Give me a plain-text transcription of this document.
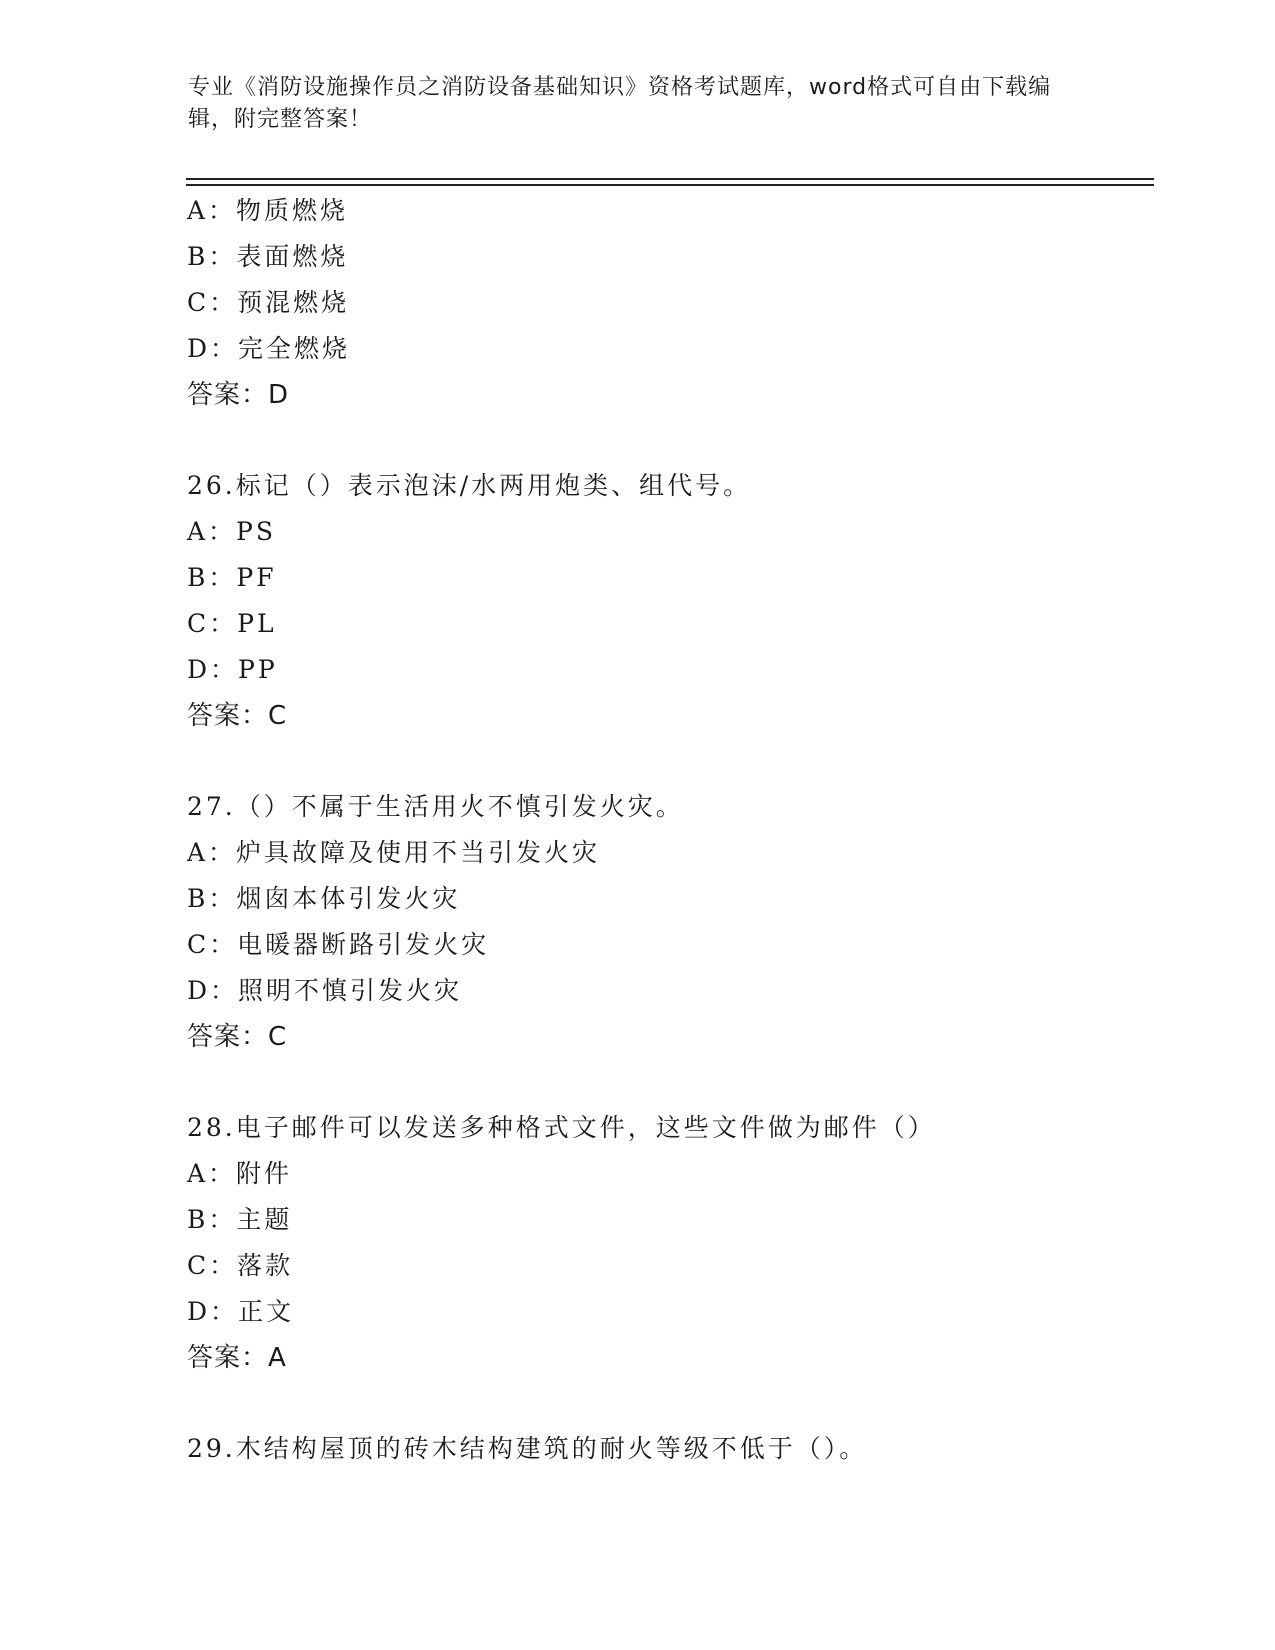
专业《消防设施操作员之消防设备基础知识》资格考试题库，word格式可自由下载编辑，附完整答案！
A：物质燃烧
B：表面燃烧
C：预混燃烧
D：完全燃烧
答案：D
26.标记（）表示泡沫/水两用炮类、组代号。
A：PS
B：PF
C：PL
D：PP
答案：C
27.（）不属于生活用火不慎引发火灾。
A：炉具故障及使用不当引发火灾
B：烟囱本体引发火灾
C：电暖器断路引发火灾
D：照明不慎引发火灾
答案：C
28.电子邮件可以发送多种格式文件，这些文件做为邮件（）
A：附件
B：主题
C：落款
D：正文
答案：A
29.木结构屋顶的砖木结构建筑的耐火等级不低于（）。
